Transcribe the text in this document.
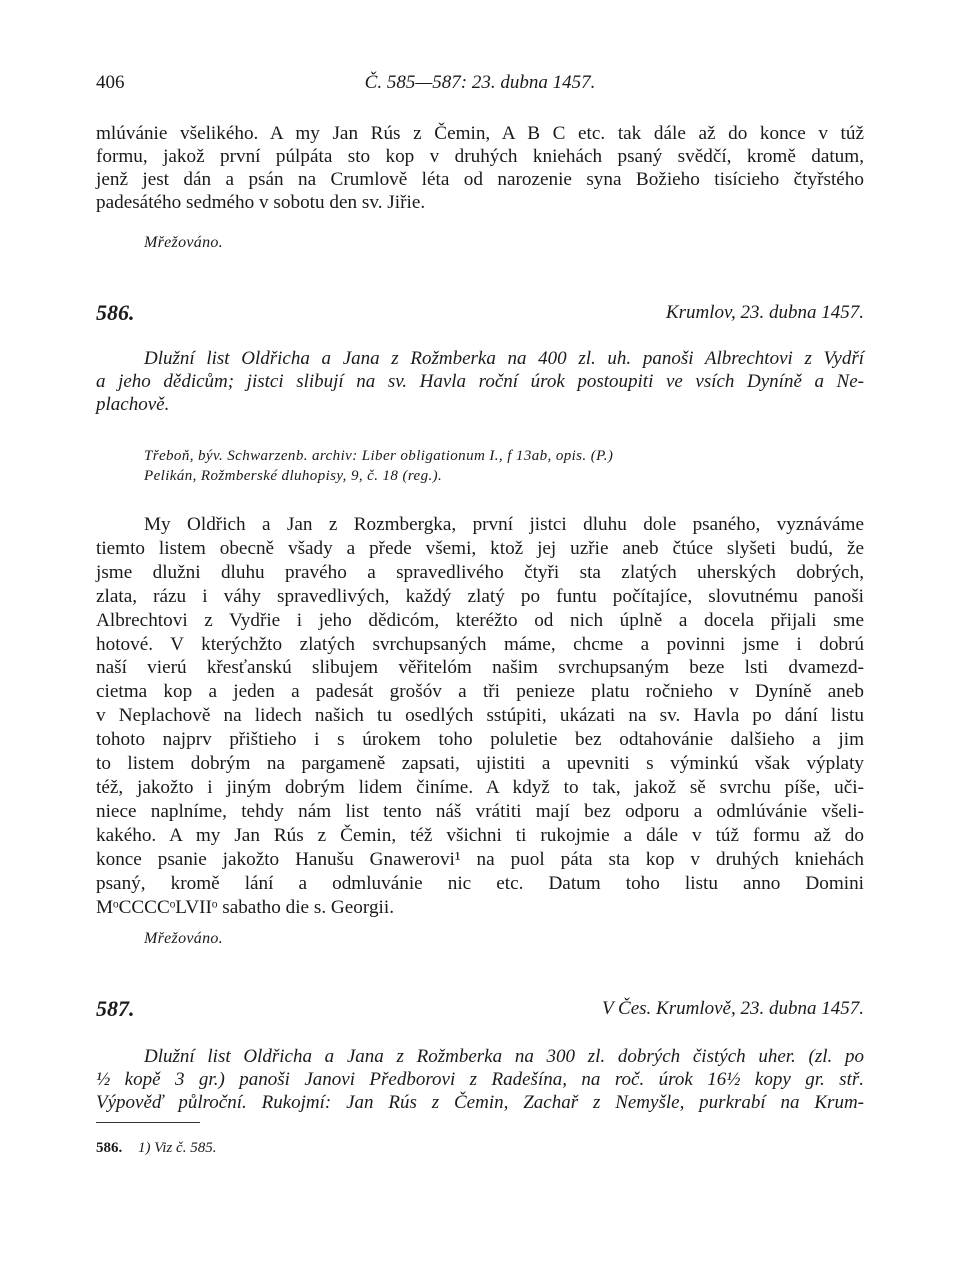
406	Č. 585—587: 23. dubna 1457.
mlúvánie všelikého. A my Jan Rús z Čemin, A B C etc. tak dále až do konce v túž
formu, jakož první púlpáta sto kop v druhých kniehách psaný svědčí, kromě datum,
jenž jest dán a psán na Crumlově léta od narozenie syna Božieho tisícieho čtyřstého
padesátého sedmého v sobotu den sv. Jiřie.
Mřežováno.
586.	Krumlov, 23. dubna 1457.
Dlužní list Oldřicha a Jana z Rožmberka na 400 zl. uh. panoši Albrechtovi z Vydří
a jeho dědicům; jistci slibují na sv. Havla roční úrok postoupiti ve vsích Dyníně a Ne-
plachově.
Třeboň, býv. Schwarzenb. archiv: Liber obligationum I., f 13ab, opis. (P.)
Pelikán, Rožmberské dluhopisy, 9, č. 18 (reg.).
My Oldřich a Jan z Rozmbergka, první jistci dluhu dole psaného, vyznáváme
tiemto listem obecně všady a přede všemi, ktož jej uzřie aneb čtúce slyšeti budú, že
jsme dlužni dluhu pravého a spravedlivého čtyři sta zlatých uherských dobrých,
zlata, rázu i váhy spravedlivých, každý zlatý po funtu počítajíce, slovutnému panoši
Albrechtovi z Vydřie i jeho dědicóm, kteréžto od nich úplně a docela přijali sme
hotové. V kterýchžto zlatých svrchupsaných máme, chcme a povinni jsme i dobrú
naší vierú křesťanskú slibujem věřitelóm našim svrchupsaným beze lsti dvamezd-
cietma kop a jeden a padesát grošóv a tři penieze platu ročnieho v Dyníně aneb
v Neplachově na lidech našich tu osedlých sstúpiti, ukázati na sv. Havla po dání listu
tohoto najprv přištieho i s úrokem toho poluletie bez odtahovánie dalšieho a jim
to listem dobrým na pargameně zapsati, ujistiti a upevniti s výminkú však výplaty
též, jakožto i jiným dobrým lidem činíme. A když to tak, jakož sě svrchu píše, uči-
niece naplníme, tehdy nám list tento náš vrátiti mají bez odporu a odmlúvánie všeli-
kakého. A my Jan Rús z Čemin, též všichni ti rukojmie a dále v túž formu až do
konce psanie jakožto Hanušu Gnawerovi¹ na puol páta sta kop v druhých kniehách
psaný, kromě lání a odmluvánie nic etc. Datum toho listu anno Domini
MᵒCCCCᵒLVIIᵒ sabatho die s. Georgii.
Mřežováno.
587.	V Čes. Krumlově, 23. dubna 1457.
Dlužní list Oldřicha a Jana z Rožmberka na 300 zl. dobrých čistých uher. (zl. po
½ kopě 3 gr.) panoši Janovi Předborovi z Radešína, na roč. úrok 16½ kopy gr. stř.
Výpověď půlroční. Rukojmí: Jan Rús z Čemin, Zachař z Nemyšle, purkrabí na Krum-
586. 1) Viz č. 585.
